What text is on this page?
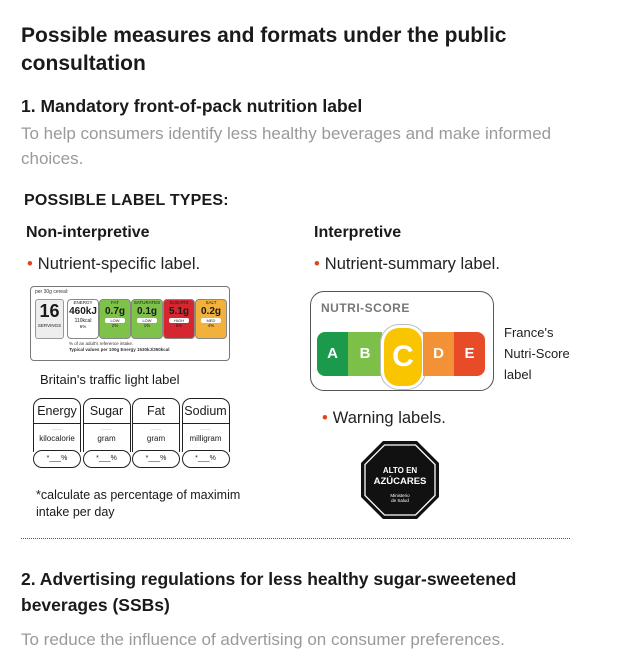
Possible measures and formats under the public consultation
1. Mandatory front-of-pack nutrition label
To help consumers identify less healthy beverages and make informed choices.
POSSIBLE LABEL TYPES:
Non-interpretive
• Nutrient-specific label.
per 30g cereal:
16
SERVINGS
ENERGY
460kJ
110kcal
6%
FAT
0.7g
LOW
2%
SATURATES
0.1g
LOW
1%
SUGARS
5.1g
HIGH
6%
SALT
0.2g
MED
4%
% of an adult's reference intake.
Typical values per 100g Energy 1530kJ/350kcal
Britain's traffic light label
Energy
--------
kilocalorie
*___%
Sugar
--------
gram
*___%
Fat
--------
gram
*___%
Sodium
--------
milligram
*___%
*calculate as percentage of maximim intake per day
Interpretive
• Nutrient-summary label.
NUTRI-SCORE
A	B C	D	E
France's
Nutri-Score
label
• Warning labels.
ALTO EN
AZÚCARES
Ministerio
de Salud
2. Advertising regulations for less healthy sugar-sweetened beverages (SSBs)
To reduce the influence of advertising on consumer preferences.
